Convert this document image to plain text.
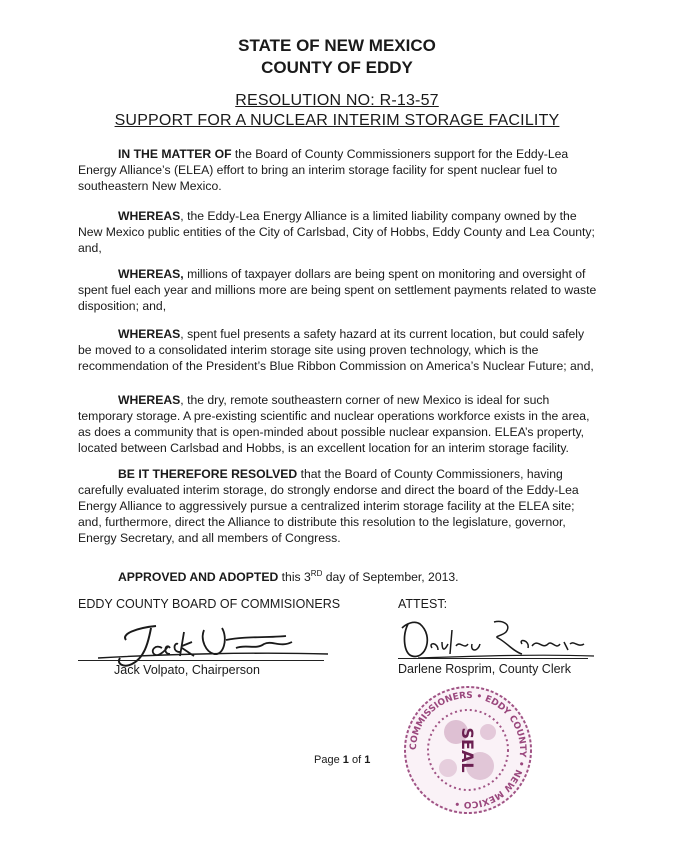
STATE OF NEW MEXICO
COUNTY OF EDDY
RESOLUTION NO: R-13-57
SUPPORT FOR A NUCLEAR INTERIM STORAGE FACILITY
IN THE MATTER OF the Board of County Commissioners support for the Eddy-Lea Energy Alliance’s (ELEA) effort to bring an interim storage facility for spent nuclear fuel to southeastern New Mexico.
WHEREAS, the Eddy-Lea Energy Alliance is a limited liability company owned by the New Mexico public entities of the City of Carlsbad, City of Hobbs, Eddy County and Lea County; and,
WHEREAS, millions of taxpayer dollars are being spent on monitoring and oversight of spent fuel each year and millions more are being spent on settlement payments related to waste disposition; and,
WHEREAS, spent fuel presents a safety hazard at its current location, but could safely be moved to a consolidated interim storage site using proven technology, which is the recommendation of the President’s Blue Ribbon Commission on America’s Nuclear Future; and,
WHEREAS, the dry, remote southeastern corner of new Mexico is ideal for such temporary storage. A pre-existing scientific and nuclear operations workforce exists in the area, as does a community that is open-minded about possible nuclear expansion. ELEA’s property, located between Carlsbad and Hobbs, is an excellent location for an interim storage facility.
BE IT THEREFORE RESOLVED that the Board of County Commissioners, having carefully evaluated interim storage, do strongly endorse and direct the board of the Eddy-Lea Energy Alliance to aggressively pursue a centralized interim storage facility at the ELEA site; and, furthermore, direct the Alliance to distribute this resolution to the legislature, governor, Energy Secretary, and all members of Congress.
APPROVED AND ADOPTED this 3RD day of September, 2013.
EDDY COUNTY BOARD OF COMMISIONERS	ATTEST:
Jack Volpato, Chairperson	Darlene Rosprim, County Clerk
COMMISSIONERS • EDDY COUNTY • NEW MEXICO •
SEAL
Page 1 of 1
